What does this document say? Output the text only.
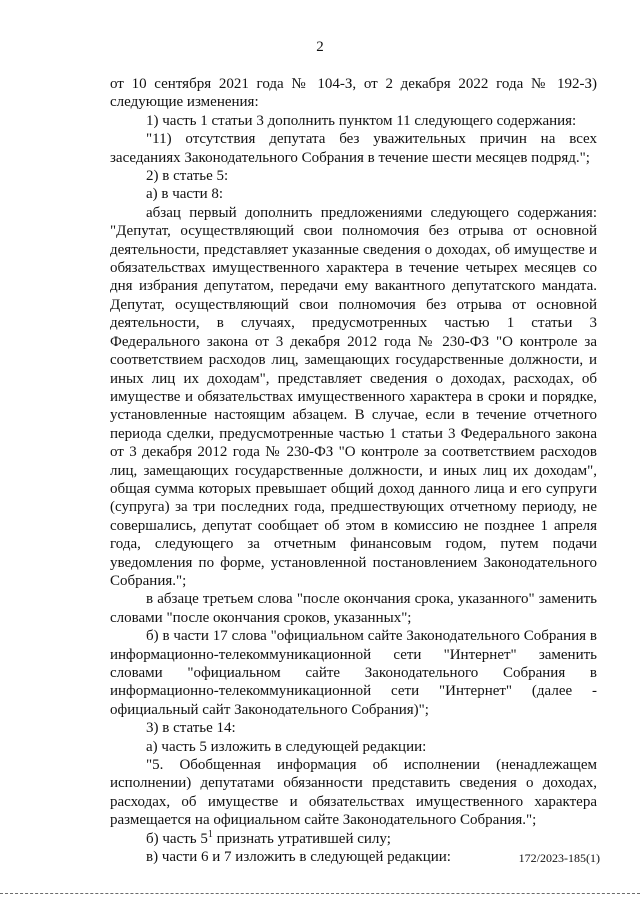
2

от 10 сентября 2021 года № 104-З, от 2 декабря 2022 года № 192-З) следующие изменения:

1) часть 1 статьи 3 дополнить пунктом 11 следующего содержания:

"11) отсутствия депутата без уважительных причин на всех заседаниях Законодательного Собрания в течение шести месяцев подряд.";

2) в статье 5:

а) в части 8:

абзац первый дополнить предложениями следующего содержания: "Депутат, осуществляющий свои полномочия без отрыва от основной деятельности, представляет указанные сведения о доходах, об имуществе и обязательствах имущественного характера в течение четырех месяцев со дня избрания депутатом, передачи ему вакантного депутатского мандата. Депутат, осуществляющий свои полномочия без отрыва от основной деятельности, в случаях, предусмотренных частью 1 статьи 3 Федерального закона от 3 декабря 2012 года № 230-ФЗ "О контроле за соответствием расходов лиц, замещающих государственные должности, и иных лиц их доходам", представляет сведения о доходах, расходах, об имуществе и обязательствах имущественного характера в сроки и порядке, установленные настоящим абзацем. В случае, если в течение отчетного периода сделки, предусмотренные частью 1 статьи 3 Федерального закона от 3 декабря 2012 года № 230-ФЗ "О контроле за соответствием расходов лиц, замещающих государственные должности, и иных лиц их доходам", общая сумма которых превышает общий доход данного лица и его супруги (супруга) за три последних года, предшествующих отчетному периоду, не совершались, депутат сообщает об этом в комиссию не позднее 1 апреля года, следующего за отчетным финансовым годом, путем подачи уведомления по форме, установленной постановлением Законодательного Собрания.";

в абзаце третьем слова "после окончания срока, указанного" заменить словами "после окончания сроков, указанных";

б) в части 17 слова "официальном сайте Законодательного Собрания в информационно-телекоммуникационной сети "Интернет" заменить словами "официальном сайте Законодательного Собрания в информационно-телекоммуникационной сети "Интернет" (далее - официальный сайт Законодательного Собрания)";

3) в статье 14:

а) часть 5 изложить в следующей редакции:

"5. Обобщенная информация об исполнении (ненадлежащем исполнении) депутатами обязанности представить сведения о доходах, расходах, об имуществе и обязательствах имущественного характера размещается на официальном сайте Законодательного Собрания.";

б) часть $5^1$ признать утратившей силу;

в) части 6 и 7 изложить в следующей редакции:	172/2023-185(1)
